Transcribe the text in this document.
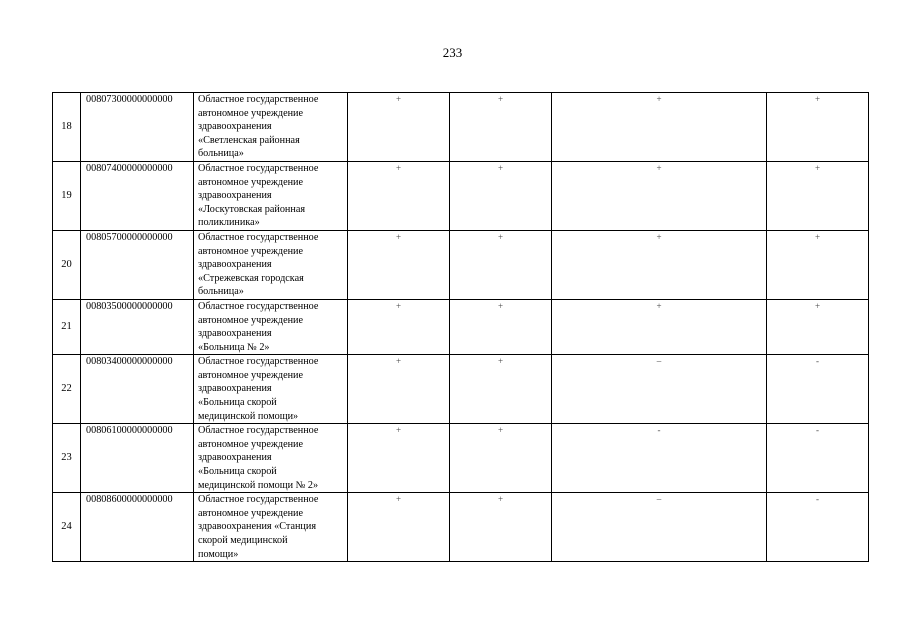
233
18	00807300000000000	Областное государственное
автономное учреждение
здравоохранения
«Светленская районная
больница»	+	+	+	+
19	00807400000000000	Областное государственное
автономное учреждение
здравоохранения
«Лоскутовская районная
поликлиника»	+	+	+	+
20	00805700000000000	Областное государственное
автономное учреждение
здравоохранения
«Стрежевская городская
больница»	+	+	+	+
21	00803500000000000	Областное государственное
автономное учреждение
здравоохранения
«Больница № 2»	+	+	+	+
22	00803400000000000	Областное государственное
автономное учреждение
здравоохранения
«Больница скорой
медицинской помощи»	+	+	–	-
23	00806100000000000	Областное государственное
автономное учреждение
здравоохранения
«Больница скорой
медицинской помощи № 2»	+	+	-	-
24	00808600000000000	Областное государственное
автономное учреждение
здравоохранения «Станция
скорой медицинской
помощи»	+	+	–	-
